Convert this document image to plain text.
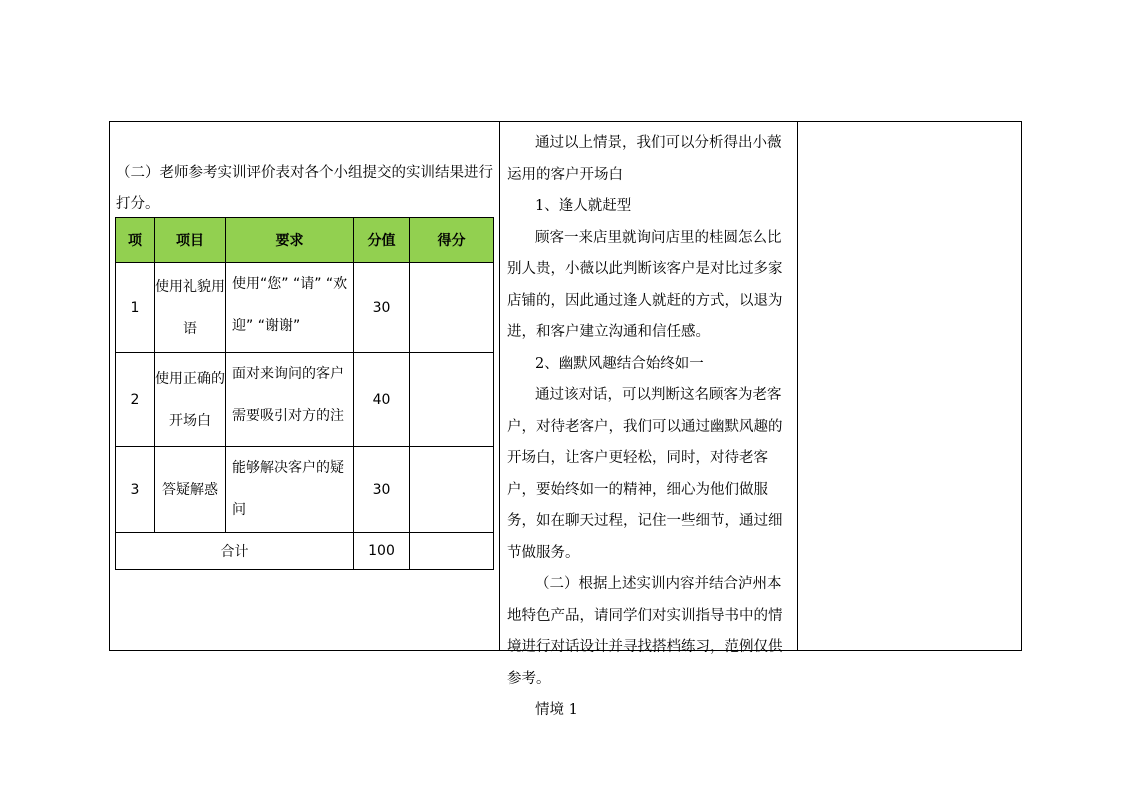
（二）老师参考实训评价表对各个小组提交的实训结果进行打分。
项	项目	要求	分值	得分
1	使用礼貌用语	使用“您” “请” “欢迎” “谢谢”	30	
2	使用正确的开场白	面对来询问的客户需要吸引对方的注	40	
3	答疑解惑	能够解决客户的疑问	30	
合计			100	

通过以上情景，我们可以分析得出小薇运用的客户开场白

1、逢人就赶型

顾客一来店里就询问店里的桂圆怎么比别人贵，小薇以此判断该客户是对比过多家店铺的，因此通过逢人就赶的方式，以退为进，和客户建立沟通和信任感。

2、幽默风趣结合始终如一

通过该对话，可以判断这名顾客为老客户，对待老客户，我们可以通过幽默风趣的开场白，让客户更轻松，同时，对待老客户，要始终如一的精神，细心为他们做服务，如在聊天过程，记住一些细节，通过细节做服务。

（二）根据上述实训内容并结合泸州本地特色产品，请同学们对实训指导书中的情境进行对话设计并寻找搭档练习，范例仅供参考。

情境 1
